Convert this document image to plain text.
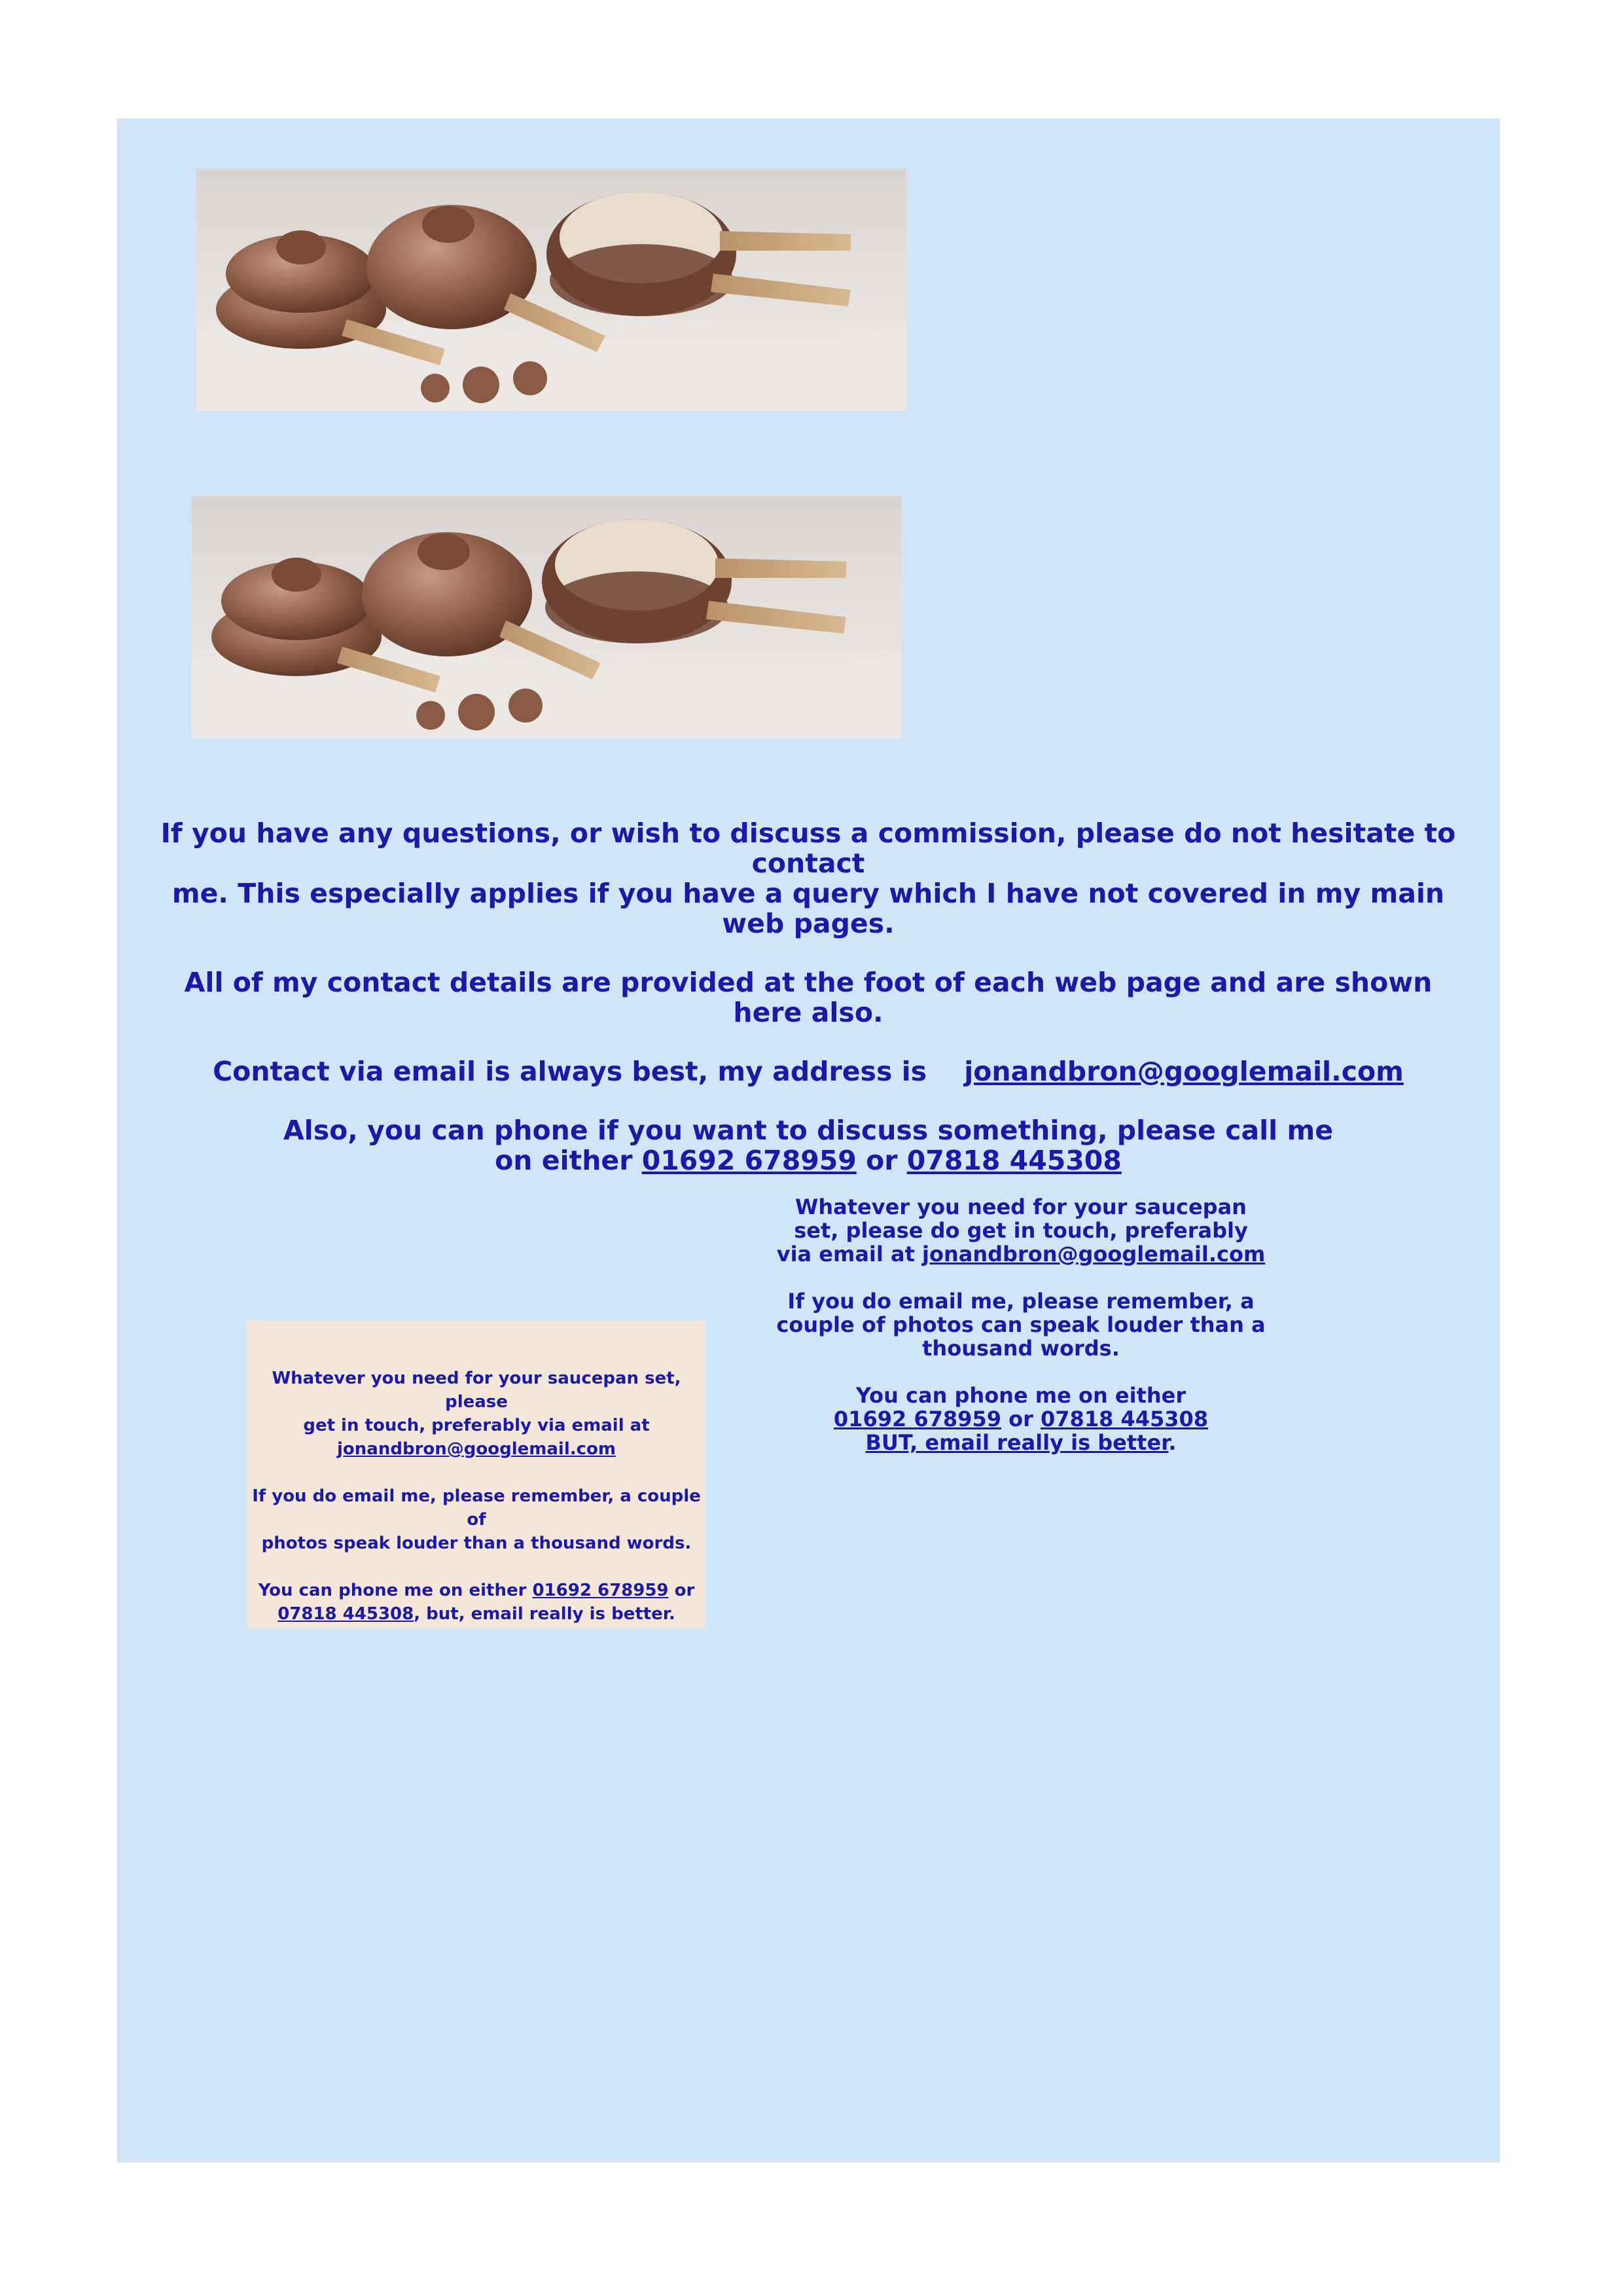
If you have any questions, or wish to discuss a commission, please do not hesitate to contact

me. This especially applies if you have a query which I have not covered in my main web pages.

All of my contact details are provided at the foot of each web page and are shown here also.

Contact via email is always best, my address is jonandbron@googlemail.com

Also, you can phone if you want to discuss something, please call me

on either 01692 678959 or 07818 445308

Whatever you need for your saucepan

set, please do get in touch, preferably

via email at jonandbron@googlemail.com

If you do email me, please remember, a

couple of photos can speak louder than a

thousand words.

You can phone me on either

01692 678959 or 07818 445308

BUT, email really is better.

Whatever you need for your saucepan set, please

get in touch, preferably via email at

jonandbron@googlemail.com

If you do email me, please remember, a couple of

photos speak louder than a thousand words.

You can phone me on either 01692 678959 or

07818 445308, but, email really is better.
